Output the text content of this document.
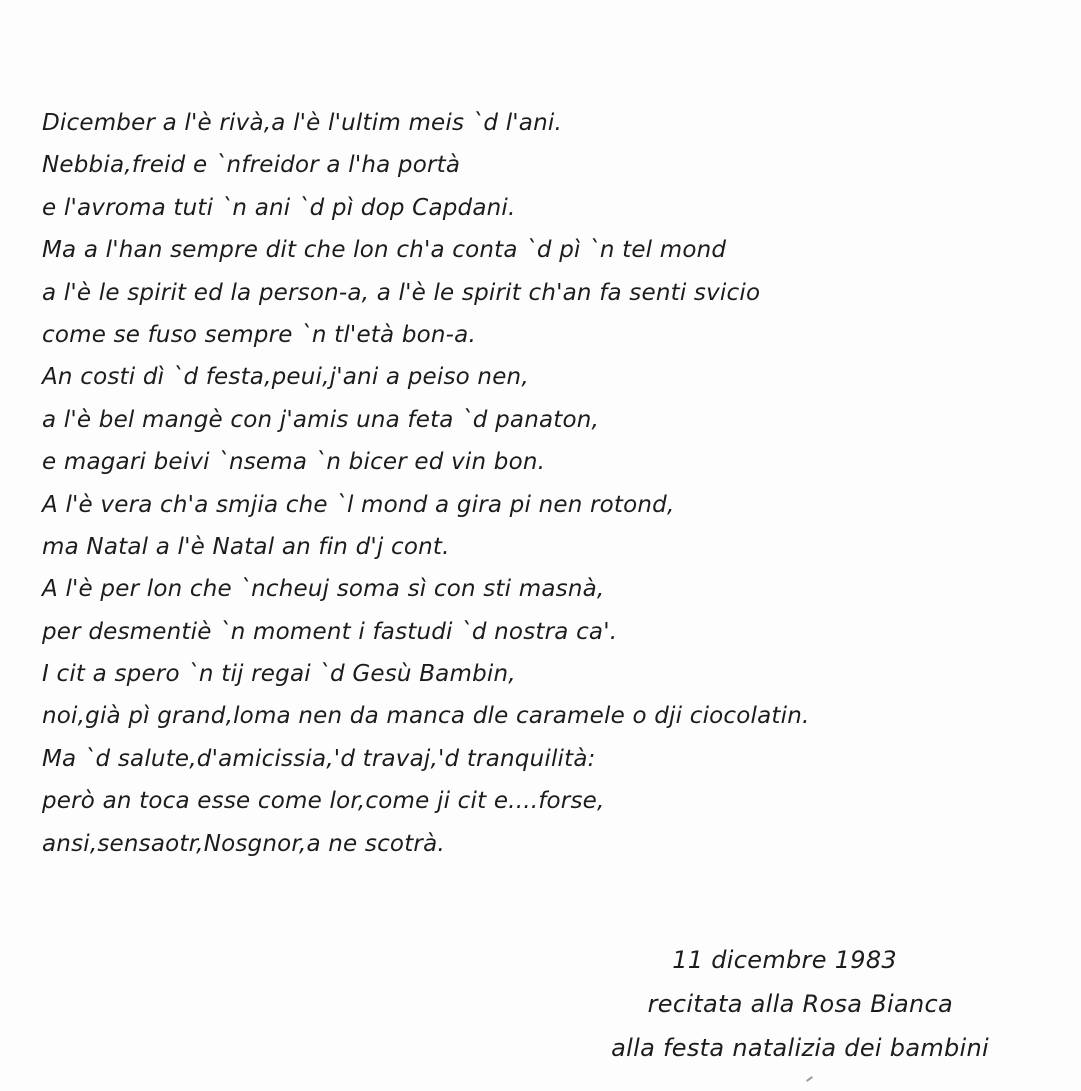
Dicember a l'è rivà,a l'è l'ultim meis `d l'ani.
Nebbia,freid e `nfreidor a l'ha portà
e l'avroma tuti `n ani `d pì dop Capdani.
Ma a l'han sempre dit che lon ch'a conta `d pì `n tel mond
a l'è le spirit ed la person-a, a l'è le spirit ch'an fa senti svicio
come se fuso sempre `n tl'età bon-a.
An costi dì `d festa,peui,j'ani a peiso nen,
a l'è bel mangè con j'amis una feta `d panaton,
e magari beivi `nsema `n bicer ed vin bon.
A l'è vera ch'a smjia che `l mond a gira pi nen rotond,
ma Natal a l'è Natal an fin d'j cont.
A l'è per lon che `ncheuj soma sì con sti masnà,
per desmentiè `n moment i fastudi `d nostra ca'.
I cit a spero `n tij regai `d Gesù Bambin,
noi,già pì grand,loma nen da manca dle caramele o dji ciocolatin.
Ma `d salute,d'amicissia,'d travaj,'d tranquilità:
però an toca esse come lor,come ji cit e....forse,
ansi,sensaotr,Nosgnor,a ne scotrà.
11 dicembre 1983
recitata alla Rosa Bianca
alla festa natalizia dei bambini
